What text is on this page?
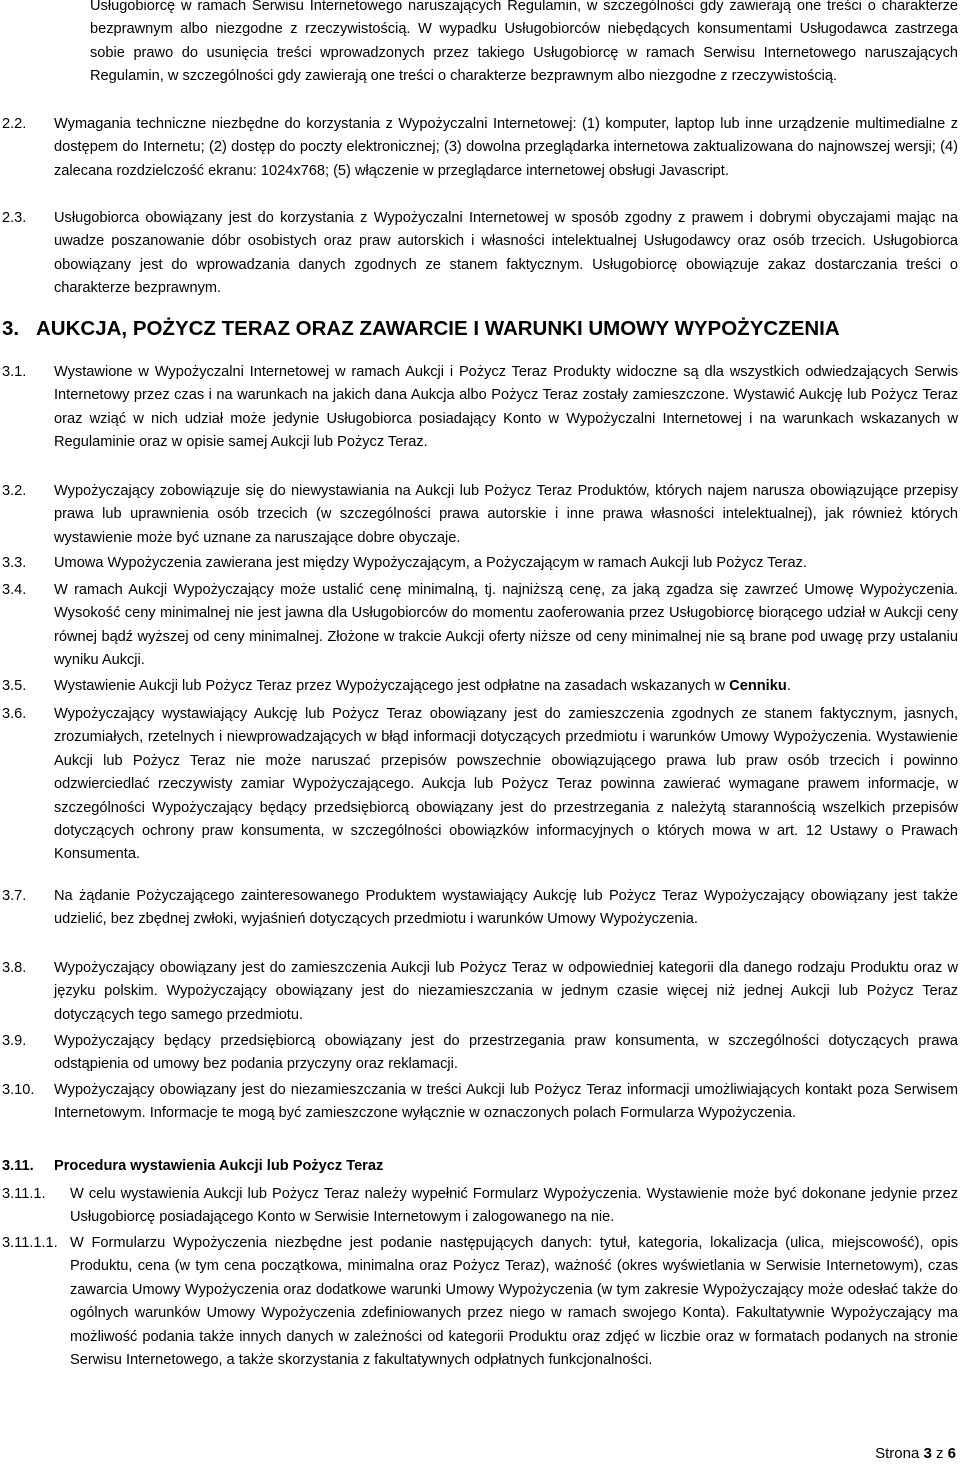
Usługobiorcę w ramach Serwisu Internetowego naruszających Regulamin, w szczególności gdy zawierają one treści o charakterze bezprawnym albo niezgodne z rzeczywistością. W wypadku Usługobiorców niebędących konsumentami Usługodawca zastrzega sobie prawo do usunięcia treści wprowadzonych przez takiego Usługobiorcę w ramach Serwisu Internetowego naruszających Regulamin, w szczególności gdy zawierają one treści o charakterze bezprawnym albo niezgodne z rzeczywistością.
2.2. Wymagania techniczne niezbędne do korzystania z Wypożyczalni Internetowej: (1) komputer, laptop lub inne urządzenie multimedialne z dostępem do Internetu; (2) dostęp do poczty elektronicznej; (3) dowolna przeglądarka internetowa zaktualizowana do najnowszej wersji; (4) zalecana rozdzielczość ekranu: 1024x768; (5) włączenie w przeglądarce internetowej obsługi Javascript.
2.3. Usługobiorca obowiązany jest do korzystania z Wypożyczalni Internetowej w sposób zgodny z prawem i dobrymi obyczajami mając na uwadze poszanowanie dóbr osobistych oraz praw autorskich i własności intelektualnej Usługodawcy oraz osób trzecich. Usługobiorca obowiązany jest do wprowadzania danych zgodnych ze stanem faktycznym. Usługobiorcę obowiązuje zakaz dostarczania treści o charakterze bezprawnym.
3. AUKCJA, POŻYCZ TERAZ ORAZ ZAWARCIE I WARUNKI UMOWY WYPOŻYCZENIA
3.1. Wystawione w Wypożyczalni Internetowej w ramach Aukcji i Pożycz Teraz Produkty widoczne są dla wszystkich odwiedzających Serwis Internetowy przez czas i na warunkach na jakich dana Aukcja albo Pożycz Teraz zostały zamieszczone. Wystawić Aukcję lub Pożycz Teraz oraz wziąć w nich udział może jedynie Usługobiorca posiadający Konto w Wypożyczalni Internetowej i na warunkach wskazanych w Regulaminie oraz w opisie samej Aukcji lub Pożycz Teraz.
3.2. Wypożyczający zobowiązuje się do niewystawiania na Aukcji lub Pożycz Teraz Produktów, których najem narusza obowiązujące przepisy prawa lub uprawnienia osób trzecich (w szczególności prawa autorskie i inne prawa własności intelektualnej), jak również których wystawienie może być uznane za naruszające dobre obyczaje.
3.3. Umowa Wypożyczenia zawierana jest między Wypożyczającym, a Pożyczającym w ramach Aukcji lub Pożycz Teraz.
3.4. W ramach Aukcji Wypożyczający może ustalić cenę minimalną, tj. najniższą cenę, za jaką zgadza się zawrzeć Umowę Wypożyczenia. Wysokość ceny minimalnej nie jest jawna dla Usługobiorców do momentu zaoferowania przez Usługobiorcę biorącego udział w Aukcji ceny równej bądź wyższej od ceny minimalnej. Złożone w trakcie Aukcji oferty niższe od ceny minimalnej nie są brane pod uwagę przy ustalaniu wyniku Aukcji.
3.5. Wystawienie Aukcji lub Pożycz Teraz przez Wypożyczającego jest odpłatne na zasadach wskazanych w Cenniku.
3.6. Wypożyczający wystawiający Aukcję lub Pożycz Teraz obowiązany jest do zamieszczenia zgodnych ze stanem faktycznym, jasnych, zrozumiałych, rzetelnych i niewprowadzających w błąd informacji dotyczących przedmiotu i warunków Umowy Wypożyczenia. Wystawienie Aukcji lub Pożycz Teraz nie może naruszać przepisów powszechnie obowiązującego prawa lub praw osób trzecich i powinno odzwierciedlać rzeczywisty zamiar Wypożyczającego. Aukcja lub Pożycz Teraz powinna zawierać wymagane prawem informacje, w szczególności Wypożyczający będący przedsiębiorcą obowiązany jest do przestrzegania z należytą starannością wszelkich przepisów dotyczących ochrony praw konsumenta, w szczególności obowiązków informacyjnych o których mowa w art. 12 Ustawy o Prawach Konsumenta.
3.7. Na żądanie Pożyczającego zainteresowanego Produktem wystawiający Aukcję lub Pożycz Teraz Wypożyczający obowiązany jest także udzielić, bez zbędnej zwłoki, wyjaśnień dotyczących przedmiotu i warunków Umowy Wypożyczenia.
3.8. Wypożyczający obowiązany jest do zamieszczenia Aukcji lub Pożycz Teraz w odpowiedniej kategorii dla danego rodzaju Produktu oraz w języku polskim. Wypożyczający obowiązany jest do niezamieszczania w jednym czasie więcej niż jednej Aukcji lub Pożycz Teraz dotyczących tego samego przedmiotu.
3.9. Wypożyczający będący przedsiębiorcą obowiązany jest do przestrzegania praw konsumenta, w szczególności dotyczących prawa odstąpienia od umowy bez podania przyczyny oraz reklamacji.
3.10. Wypożyczający obowiązany jest do niezamieszczania w treści Aukcji lub Pożycz Teraz informacji umożliwiających kontakt poza Serwisem Internetowym. Informacje te mogą być zamieszczone wyłącznie w oznaczonych polach Formularza Wypożyczenia.
3.11. Procedura wystawienia Aukcji lub Pożycz Teraz
3.11.1. W celu wystawienia Aukcji lub Pożycz Teraz należy wypełnić Formularz Wypożyczenia. Wystawienie może być dokonane jedynie przez Usługobiorcę posiadającego Konto w Serwisie Internetowym i zalogowanego na nie.
3.11.1.1. W Formularzu Wypożyczenia niezbędne jest podanie następujących danych: tytuł, kategoria, lokalizacja (ulica, miejscowość), opis Produktu, cena (w tym cena początkowa, minimalna oraz Pożycz Teraz), ważność (okres wyświetlania w Serwisie Internetowym), czas zawarcia Umowy Wypożyczenia oraz dodatkowe warunki Umowy Wypożyczenia (w tym zakresie Wypożyczający może odesłać także do ogólnych warunków Umowy Wypożyczenia zdefiniowanych przez niego w ramach swojego Konta). Fakultatywnie Wypożyczający ma możliwość podania także innych danych w zależności od kategorii Produktu oraz zdjęć w liczbie oraz w formatach podanych na stronie Serwisu Internetowego, a także skorzystania z fakultatywnych odpłatnych funkcjonalności.
Strona 3 z 6
